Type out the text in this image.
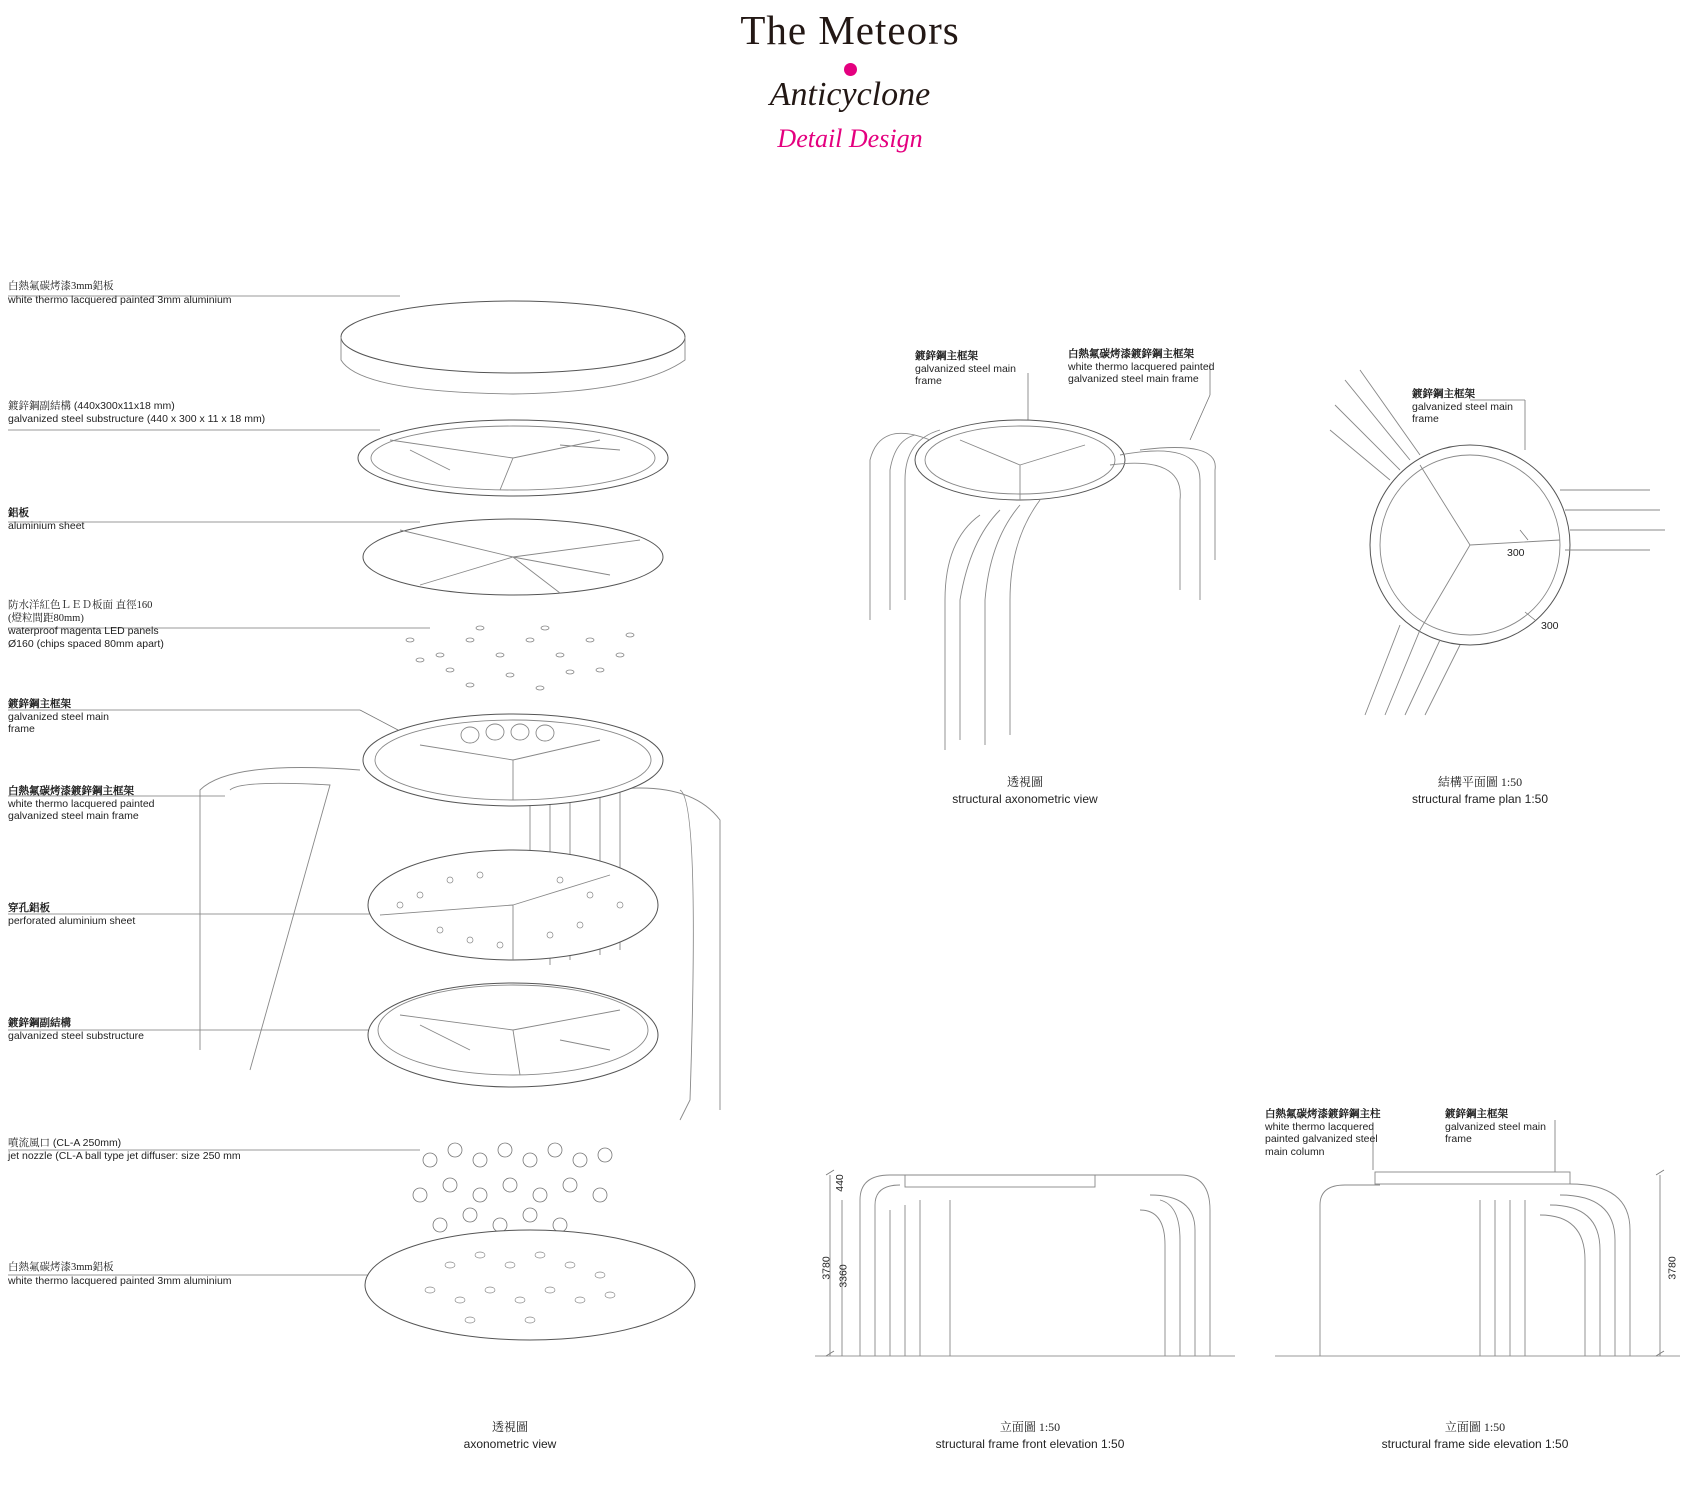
The Meteors
Anticyclone
Detail Design
白熱氟碳烤漆3mm鋁板
white thermo lacquered painted 3mm aluminium
鍍鋅鋼副結構 (440x300x11x18 mm)
galvanized steel substructure (440 x 300 x 11 x 18 mm)
鋁板
aluminium sheet
防水洋紅色ＬＥＤ板面 直徑160
(燈粒間距80mm)
waterproof magenta LED panels
Ø160 (chips spaced 80mm apart)
鍍鋅鋼主框架
galvanized steel main
frame
白熱氟碳烤漆鍍鋅鋼主框架
white thermo lacquered painted
galvanized steel main frame
穿孔鋁板
perforated aluminium sheet
鍍鋅鋼副結構
galvanized steel substructure
噴流風口 (CL-A 250mm)
jet nozzle (CL-A ball type jet diffuser: size 250 mm
白熱氟碳烤漆3mm鋁板
white thermo lacquered painted 3mm aluminium
鍍鋅鋼主框架
galvanized steel main
frame
白熱氟碳烤漆鍍鋅鋼主框架
white thermo lacquered painted
galvanized steel main frame
鍍鋅鋼主框架
galvanized steel main
frame
300
300
白熱氟碳烤漆鍍鋅鋼主柱
white thermo lacquered
painted galvanized steel
main column
鍍鋅鋼主框架
galvanized steel main
frame
440
3780 3360	3780
透視圖
structural axonometric view
結構平面圖 1:50
structural frame plan 1:50
透視圖
axonometric view
立面圖 1:50
structural frame front elevation 1:50
立面圖 1:50
structural frame side elevation 1:50
